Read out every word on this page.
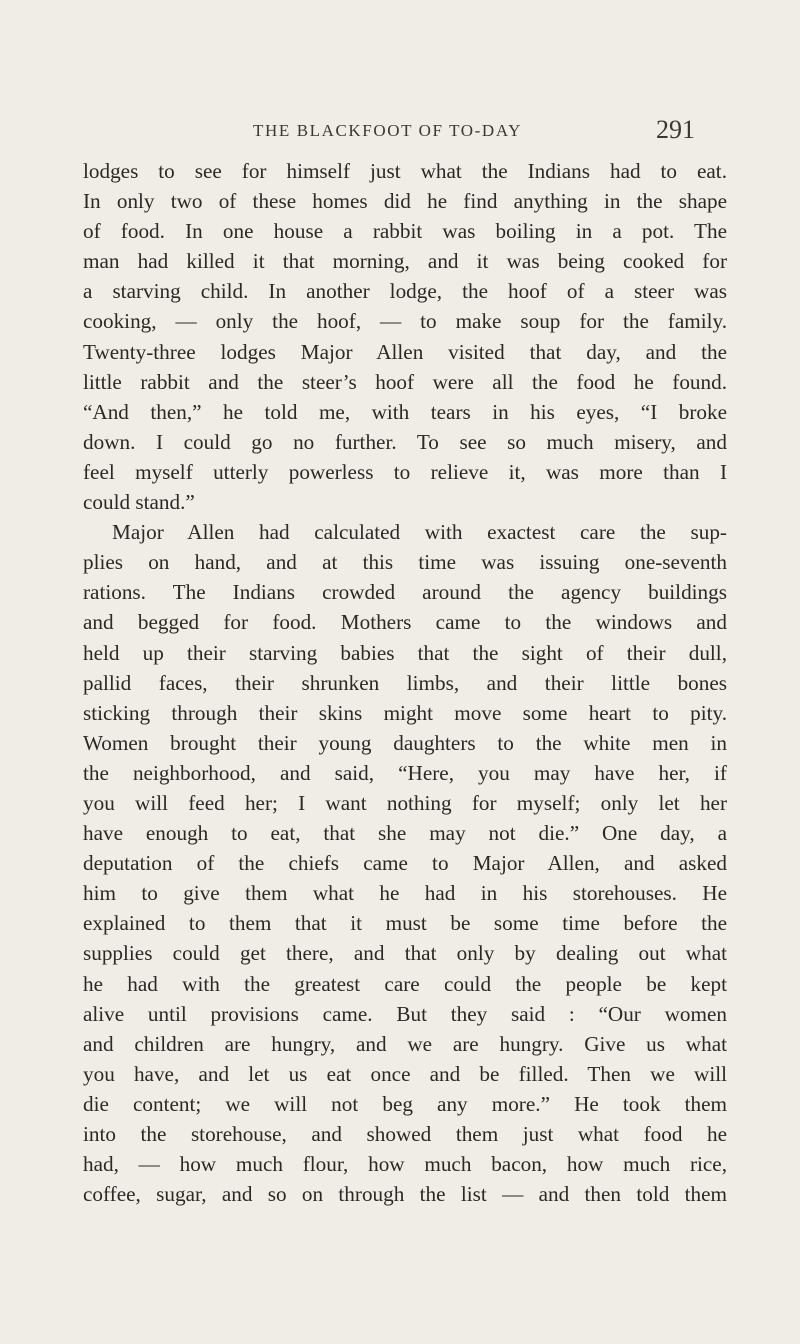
THE BLACKFOOT OF TO-DAY	291
lodges to see for himself just what the Indians had to eat.
In only two of these homes did he find anything in the shape
of food. In one house a rabbit was boiling in a pot. The
man had killed it that morning, and it was being cooked for
a starving child. In another lodge, the hoof of a steer was
cooking, — only the hoof, — to make soup for the family.
Twenty-three lodges Major Allen visited that day, and the
little rabbit and the steer’s hoof were all the food he found.
“And then,” he told me, with tears in his eyes, “I broke
down. I could go no further. To see so much misery, and
feel myself utterly powerless to relieve it, was more than I
could stand.”
Major Allen had calculated with exactest care the sup-
plies on hand, and at this time was issuing one-seventh
rations. The Indians crowded around the agency buildings
and begged for food. Mothers came to the windows and
held up their starving babies that the sight of their dull,
pallid faces, their shrunken limbs, and their little bones
sticking through their skins might move some heart to pity.
Women brought their young daughters to the white men in
the neighborhood, and said, “Here, you may have her, if
you will feed her; I want nothing for myself; only let her
have enough to eat, that she may not die.” One day, a
deputation of the chiefs came to Major Allen, and asked
him to give them what he had in his storehouses. He
explained to them that it must be some time before the
supplies could get there, and that only by dealing out what
he had with the greatest care could the people be kept
alive until provisions came. But they said : “Our women
and children are hungry, and we are hungry. Give us what
you have, and let us eat once and be filled. Then we will
die content; we will not beg any more.” He took them
into the storehouse, and showed them just what food he
had, — how much flour, how much bacon, how much rice,
coffee, sugar, and so on through the list — and then told them
